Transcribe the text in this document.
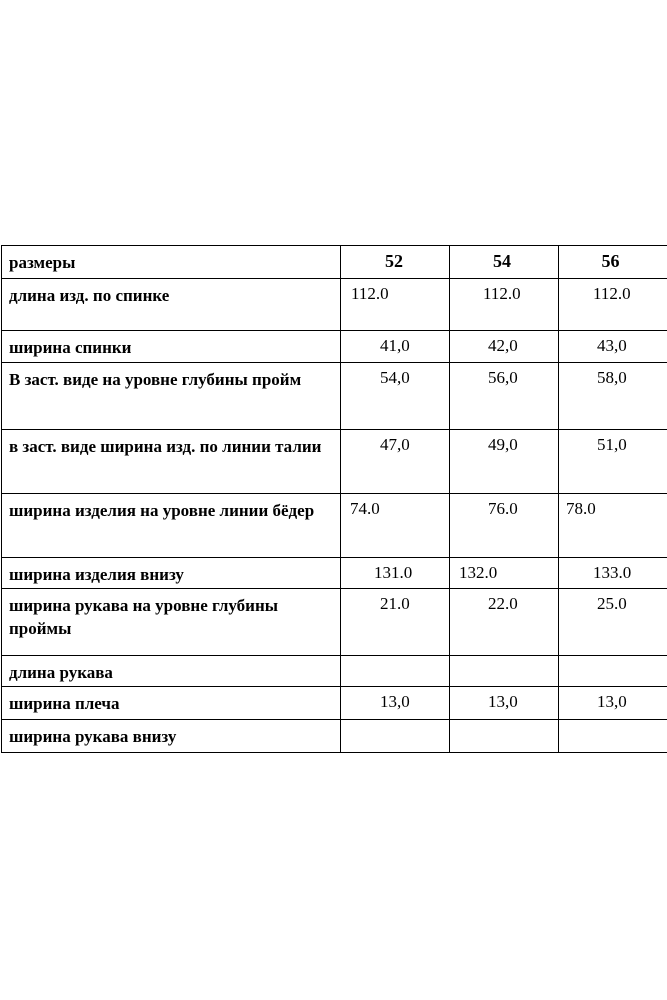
размеры	52	54	56
длина изд. по спинке	112.0	112.0	112.0
ширина спинки	41,0	42,0	43,0
В заст. виде на уровне глубины пройм	54,0	56,0	58,0
в заст. виде ширина изд. по линии талии	47,0	49,0	51,0
ширина изделия на уровне линии бёдер	74.0	76.0	78.0
ширина изделия внизу	131.0	132.0	133.0
ширина рукава на уровне глубины проймы	21.0	22.0	25.0
длина рукава			
ширина плеча	13,0	13,0	13,0
ширина рукава внизу			
